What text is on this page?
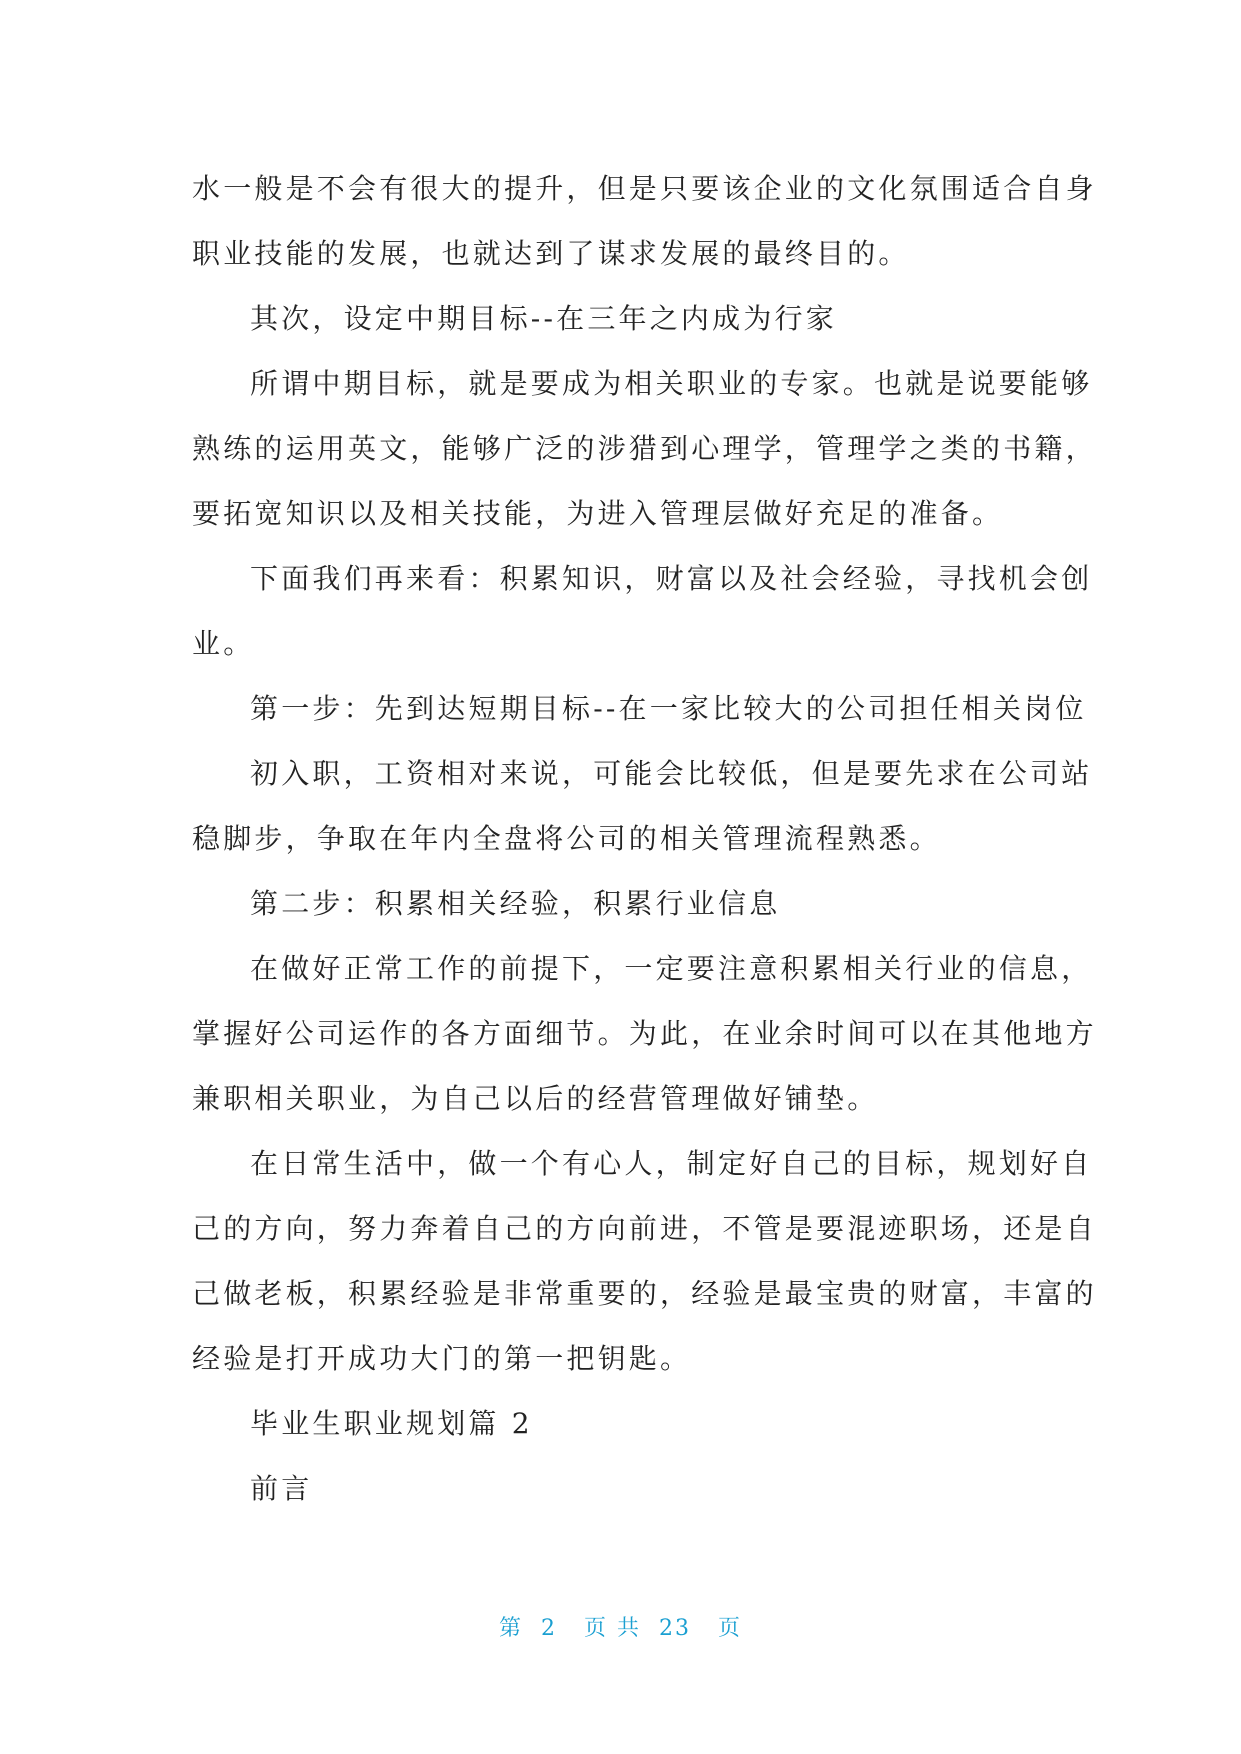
水一般是不会有很大的提升，但是只要该企业的文化氛围适合自身
职业技能的发展，也就达到了谋求发展的最终目的。
其次，设定中期目标--在三年之内成为行家
所谓中期目标，就是要成为相关职业的专家。也就是说要能够
熟练的运用英文，能够广泛的涉猎到心理学，管理学之类的书籍，
要拓宽知识以及相关技能，为进入管理层做好充足的准备。
下面我们再来看：积累知识，财富以及社会经验，寻找机会创
业。
第一步：先到达短期目标--在一家比较大的公司担任相关岗位
初入职，工资相对来说，可能会比较低，但是要先求在公司站
稳脚步，争取在年内全盘将公司的相关管理流程熟悉。
第二步：积累相关经验，积累行业信息
在做好正常工作的前提下，一定要注意积累相关行业的信息，
掌握好公司运作的各方面细节。为此，在业余时间可以在其他地方
兼职相关职业，为自己以后的经营管理做好铺垫。
在日常生活中，做一个有心人，制定好自己的目标，规划好自
己的方向，努力奔着自己的方向前进，不管是要混迹职场，还是自
己做老板，积累经验是非常重要的，经验是最宝贵的财富，丰富的
经验是打开成功大门的第一把钥匙。
毕业生职业规划篇 2
前言
第  2   页 共  23   页
